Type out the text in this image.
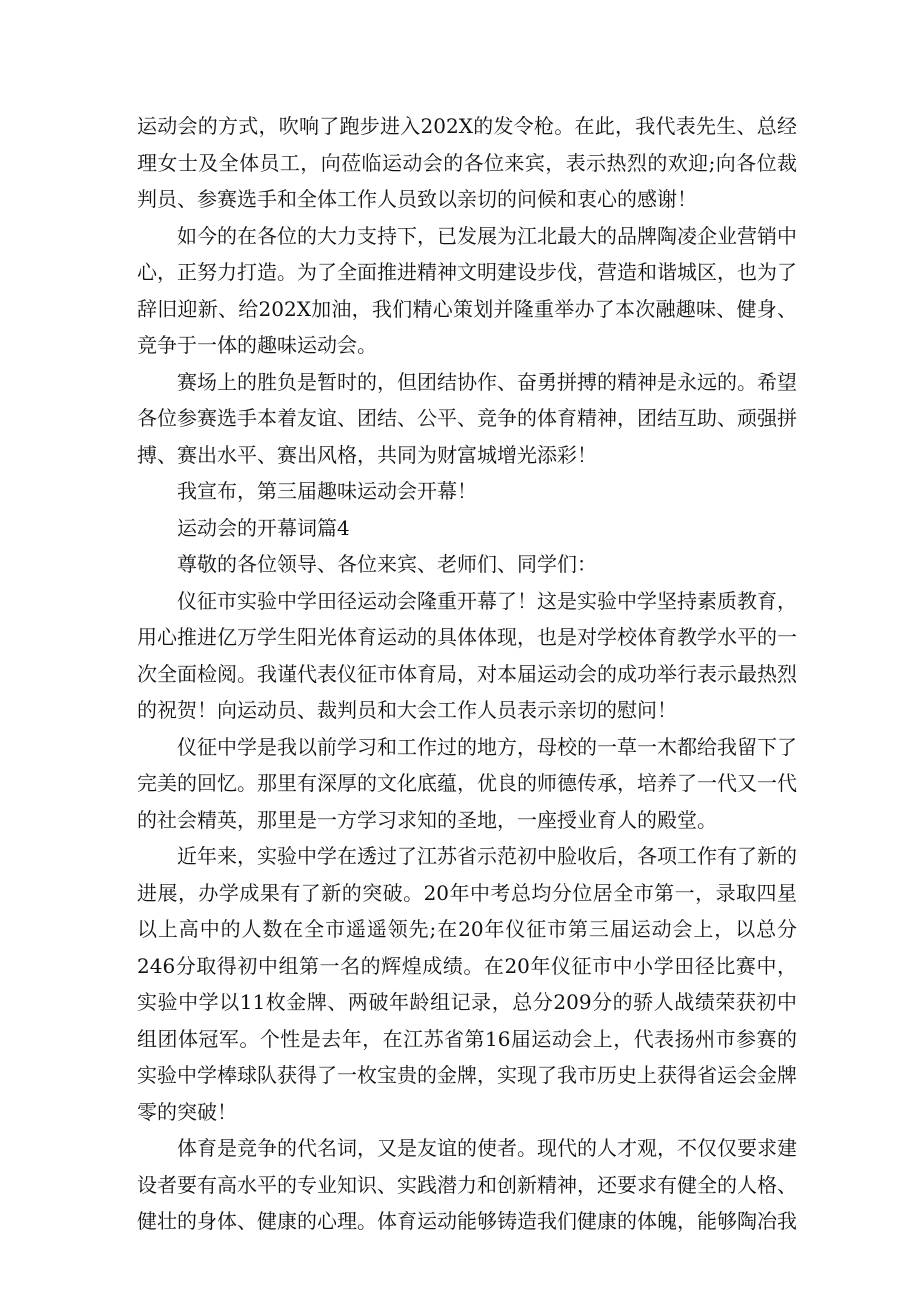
运动会的方式，吹响了跑步进入202X的发令枪。在此，我代表先生、总经理女士及全体员工，向莅临运动会的各位来宾，表示热烈的欢迎;向各位裁判员、参赛选手和全体工作人员致以亲切的问候和衷心的感谢！

如今的在各位的大力支持下，已发展为江北最大的品牌陶凌企业营销中心，正努力打造。为了全面推进精神文明建设步伐，营造和谐城区，也为了辞旧迎新、给202X加油，我们精心策划并隆重举办了本次融趣味、健身、竞争于一体的趣味运动会。

赛场上的胜负是暂时的，但团结协作、奋勇拼搏的精神是永远的。希望各位参赛选手本着友谊、团结、公平、竞争的体育精神，团结互助、顽强拼搏、赛出水平、赛出风格，共同为财富城增光添彩！

我宣布，第三届趣味运动会开幕！

运动会的开幕词篇4

尊敬的各位领导、各位来宾、老师们、同学们：

仪征市实验中学田径运动会隆重开幕了！这是实验中学坚持素质教育，用心推进亿万学生阳光体育运动的具体体现，也是对学校体育教学水平的一次全面检阅。我谨代表仪征市体育局，对本届运动会的成功举行表示最热烈的祝贺！向运动员、裁判员和大会工作人员表示亲切的慰问！

仪征中学是我以前学习和工作过的地方，母校的一草一木都给我留下了完美的回忆。那里有深厚的文化底蕴，优良的师德传承，培养了一代又一代的社会精英，那里是一方学习求知的圣地，一座授业育人的殿堂。

近年来，实验中学在透过了江苏省示范初中脸收后，各项工作有了新的进展，办学成果有了新的突破。20年中考总均分位居全市第一，录取四星以上高中的人数在全市遥遥领先;在20年仪征市第三届运动会上，以总分246分取得初中组第一名的辉煌成绩。在20年仪征市中小学田径比赛中，实验中学以11枚金牌、两破年龄组记录，总分209分的骄人战绩荣获初中组团体冠军。个性是去年，在江苏省第16届运动会上，代表扬州市参赛的实验中学棒球队获得了一枚宝贵的金牌，实现了我市历史上获得省运会金牌零的突破！

体育是竞争的代名词，又是友谊的使者。现代的人才观，不仅仅要求建设者要有高水平的专业知识、实践潜力和创新精神，还要求有健全的人格、健壮的身体、健康的心理。体育运动能够铸造我们健康的体魄，能够陶冶我
